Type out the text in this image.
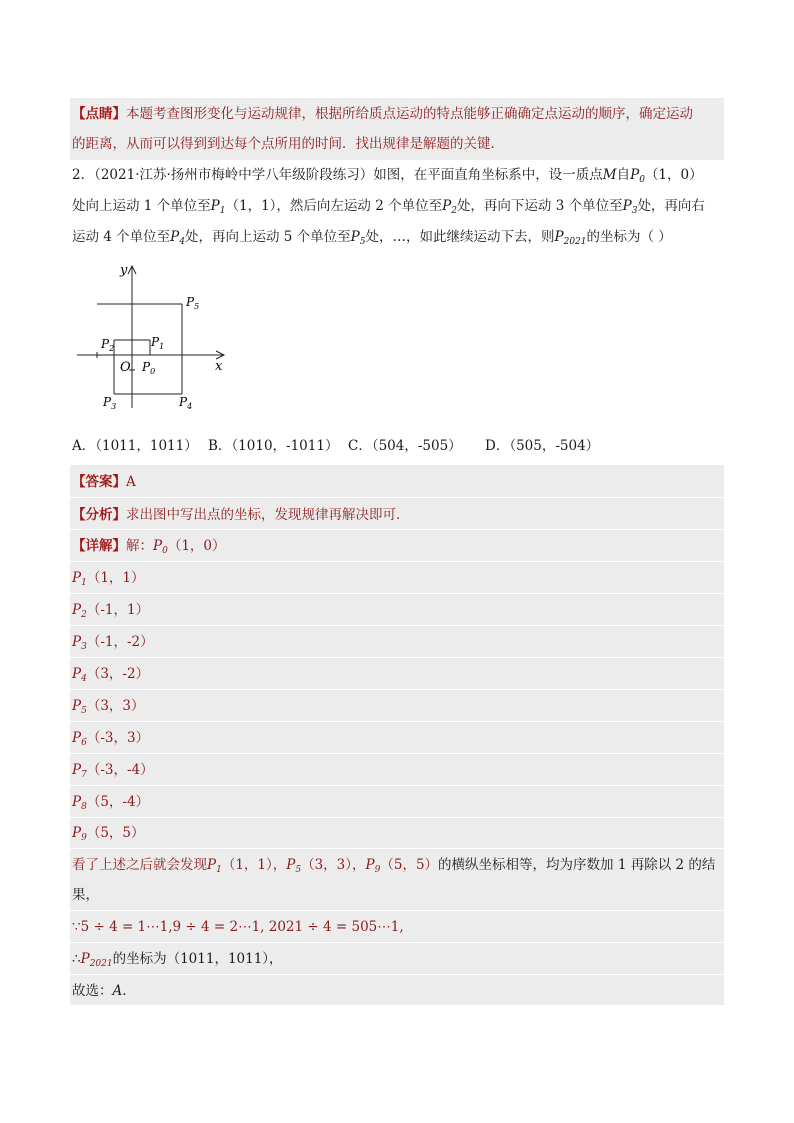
【点睛】本题考查图形变化与运动规律，根据所给质点运动的特点能够正确确定点运动的顺序，确定运动
的距离，从而可以得到到达每个点所用的时间．找出规律是解题的关键．
2．（2021·江苏·扬州市梅岭中学八年级阶段练习）如图，在平面直角坐标系中，设一质点M自$P_0(1$，0）
处向上运动 1 个单位至$P_1(1$，1），然后向左运动 2 个单位至$P_2$处，再向下运动 3 个单位至$P_3$处，再向右
运动 4 个单位至$P_4$处，再向上运动 5 个单位至$P_5$处，…，如此继续运动下去，则$P_{2021}$的坐标为（ ）
y
x
O $P_0$
$P_1$
$P_2$
$P_3$	$P_4$
$P_5$
A．（1011，1011） B．（1010，-1011） C．（504，-505） D．（505，-504）
【答案】A
【分析】求出图中写出点的坐标，发现规律再解决即可．
【详解】解：$P_0(1$，0）
$P_1(1$，1）
$P_2(-1$，1）
$P_3(-1$，-2）
$P_4(3$，-2）
$P_5(3$，3）
$P_6(-3$，3）
$P_7(-3$，-4）
$P_8(5$，-4）
$P_9(5$，5）
看了上述之后就会发现$P_1(1$，1），$P_5(3$，3），$P_9(5$，5）的横纵坐标相等，均为序数加 1 再除以 2 的结
果，
∵5 ÷ 4 = 1⋯1,9 ÷ 4 = 2⋯1, 2021 ÷ 4 = 505⋯1,
$\therefore P_{2021}$的坐标为（1011，1011），
故选：A.
